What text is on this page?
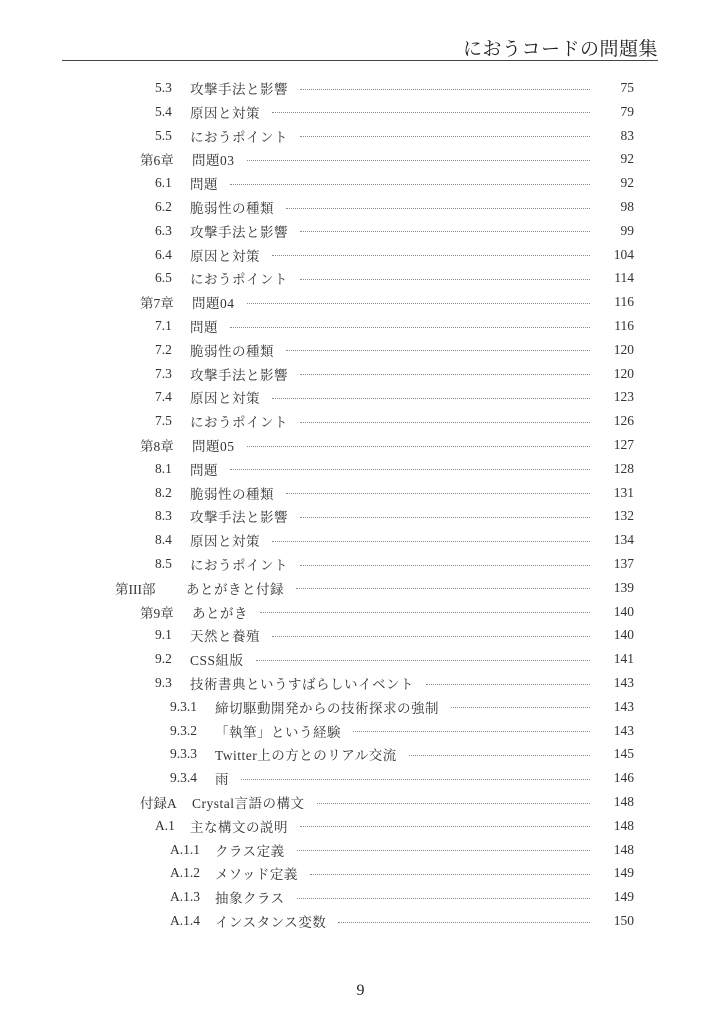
におうコードの問題集
5.3	攻撃手法と影響	75
5.4	原因と対策	79
5.5	におうポイント	83
第6章	問題03	92
6.1	問題	92
6.2	脆弱性の種類	98
6.3	攻撃手法と影響	99
6.4	原因と対策	104
6.5	におうポイント	114
第7章	問題04	116
7.1	問題	116
7.2	脆弱性の種類	120
7.3	攻撃手法と影響	120
7.4	原因と対策	123
7.5	におうポイント	126
第8章	問題05	127
8.1	問題	128
8.2	脆弱性の種類	131
8.3	攻撃手法と影響	132
8.4	原因と対策	134
8.5	におうポイント	137
第III部	あとがきと付録	139
第9章	あとがき	140
9.1	天然と養殖	140
9.2	CSS組版	141
9.3	技術書典というすばらしいイベント	143
9.3.1	締切駆動開発からの技術探求の強制	143
9.3.2	「執筆」という経験	143
9.3.3	Twitter上の方とのリアル交流	145
9.3.4	雨	146
付録A	Crystal言語の構文	148
A.1	主な構文の説明	148
A.1.1	クラス定義	148
A.1.2	メソッド定義	149
A.1.3	抽象クラス	149
A.1.4	インスタンス変数	150
9
